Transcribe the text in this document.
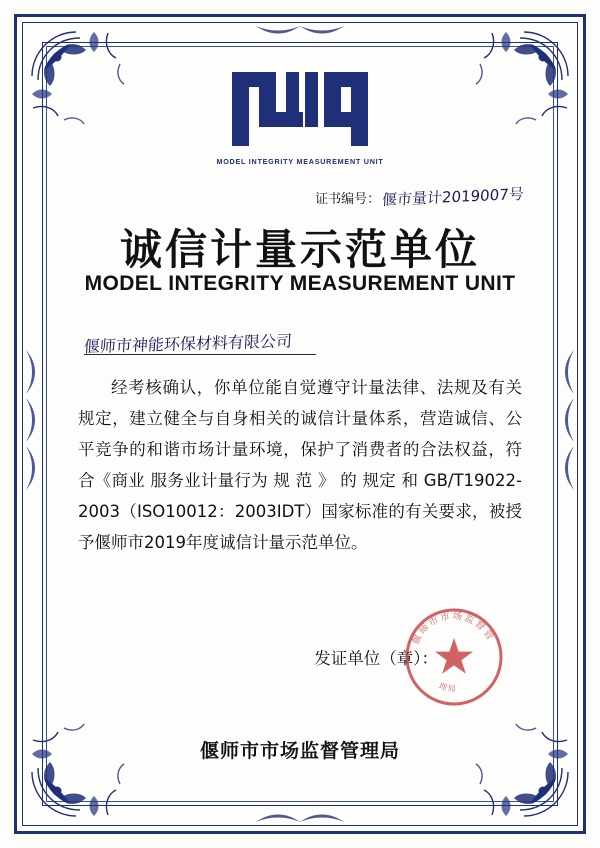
MODEL INTEGRITY MEASUREMENT UNIT
证书编号： 偃市量计2019007号
诚信计量示范单位
MODEL INTEGRITY MEASUREMENT UNIT
偃师市神能环保材料有限公司

经考核确认，你单位能自觉遵守计量法律、法规及有关规定，建立健全与自身相关的诚信计量体系，营造诚信、公平竞争的和谐市场计量环境，保护了消费者的合法权益，符合《商业 服务业计量行为 规 范 》 的 规定 和 GB/T19022-2003（ISO10012：2003IDT）国家标准的有关要求，被授予偃师市2019年度诚信计量示范单位。

发证单位（章）：
偃师市市场监督管
理局
偃师市市场监督管理局
